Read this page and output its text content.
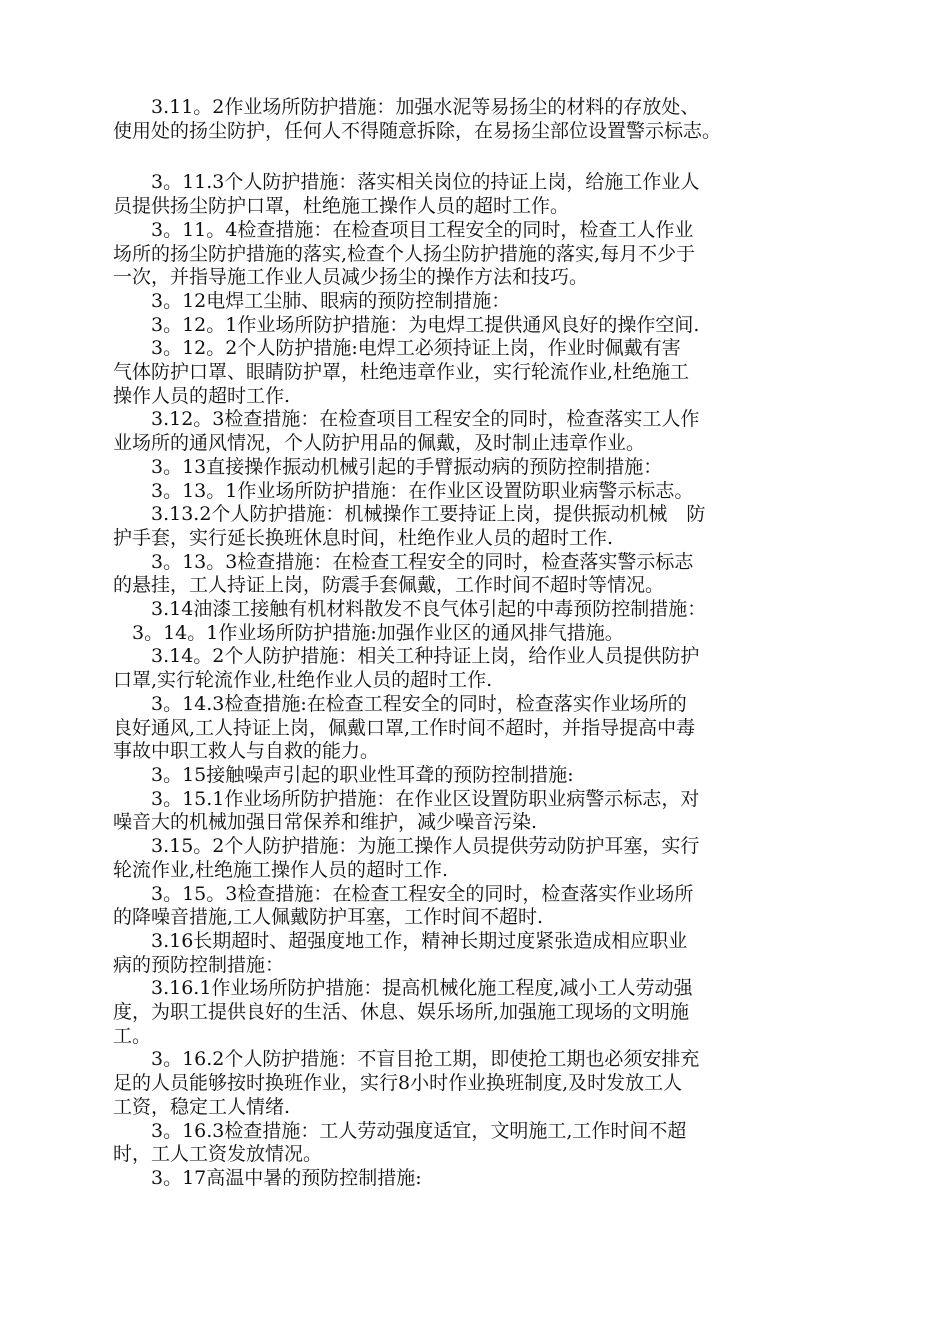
　　3.11。2作业场所防护措施：加强水泥等易扬尘的材料的存放处、
使用处的扬尘防护，任何人不得随意拆除，在易扬尘部位设置警示标志。
　　3。11.3个人防护措施：落实相关岗位的持证上岗，给施工作业人
员提供扬尘防护口罩，杜绝施工操作人员的超时工作。
　　3。11。4检查措施：在检查项目工程安全的同时，检查工人作业
场所的扬尘防护措施的落实,检查个人扬尘防护措施的落实,每月不少于
一次，并指导施工作业人员减少扬尘的操作方法和技巧。
　　3。12电焊工尘肺、眼病的预防控制措施：
　　3。12。1作业场所防护措施：为电焊工提供通风良好的操作空间.
　　3。12。2个人防护措施:电焊工必须持证上岗，作业时佩戴有害
气体防护口罩、眼睛防护罩，杜绝违章作业，实行轮流作业,杜绝施工
操作人员的超时工作.
　　3.12。3检查措施：在检查项目工程安全的同时，检查落实工人作
业场所的通风情况，个人防护用品的佩戴，及时制止违章作业。
　　3。13直接操作振动机械引起的手臂振动病的预防控制措施：
　　3。13。1作业场所防护措施：在作业区设置防职业病警示标志。
　　3.13.2个人防护措施：机械操作工要持证上岗，提供振动机械　防
护手套，实行延长换班休息时间，杜绝作业人员的超时工作.
　　3。13。3检查措施：在检查工程安全的同时，检查落实警示标志
的悬挂，工人持证上岗，防震手套佩戴，工作时间不超时等情况。
　　3.14油漆工接触有机材料散发不良气体引起的中毒预防控制措施：
　3。14。1作业场所防护措施:加强作业区的通风排气措施。
　　3.14。2个人防护措施：相关工种持证上岗，给作业人员提供防护
口罩,实行轮流作业,杜绝作业人员的超时工作.
　　3。14.3检查措施:在检查工程安全的同时，检查落实作业场所的
良好通风,工人持证上岗，佩戴口罩,工作时间不超时，并指导提高中毒
事故中职工救人与自救的能力。
　　3。15接触噪声引起的职业性耳聋的预防控制措施:
　　3。15.1作业场所防护措施：在作业区设置防职业病警示标志，对
噪音大的机械加强日常保养和维护，减少噪音污染.
　　3.15。2个人防护措施：为施工操作人员提供劳动防护耳塞，实行
轮流作业,杜绝施工操作人员的超时工作.
　　3。15。3检查措施：在检查工程安全的同时，检查落实作业场所
的降噪音措施,工人佩戴防护耳塞，工作时间不超时.
　　3.16长期超时、超强度地工作，精神长期过度紧张造成相应职业
病的预防控制措施：
　　3.16.1作业场所防护措施：提高机械化施工程度,减小工人劳动强
度，为职工提供良好的生活、休息、娱乐场所,加强施工现场的文明施
工。
　　3。16.2个人防护措施：不盲目抢工期，即使抢工期也必须安排充
足的人员能够按时换班作业，实行8小时作业换班制度,及时发放工人
工资，稳定工人情绪.
　　3。16.3检查措施：工人劳动强度适宜，文明施工,工作时间不超
时，工人工资发放情况。
　　3。17高温中暑的预防控制措施:
